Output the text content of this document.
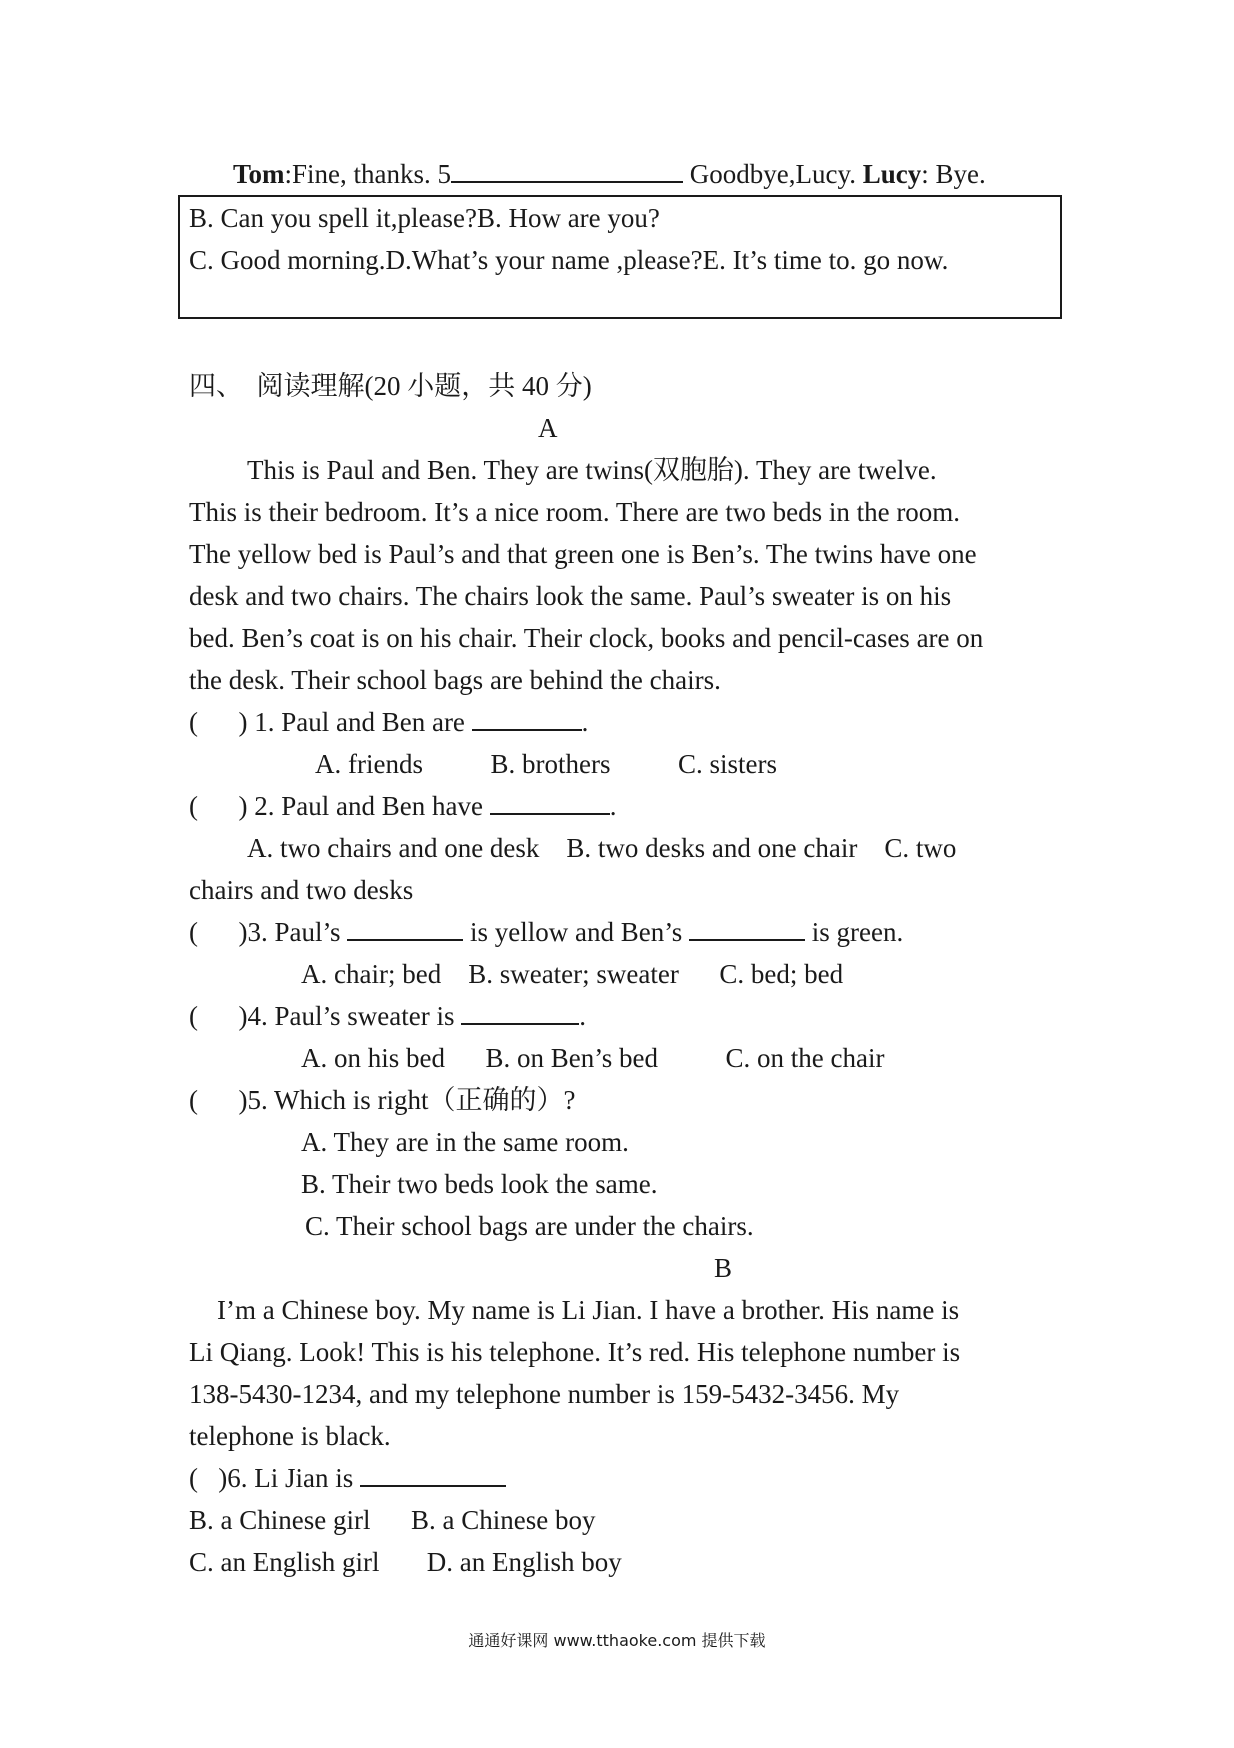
Tom:Fine, thanks. 5	Goodbye,Lucy. Lucy: Bye.
B. Can you spell it,please?B. How are you?
C. Good morning.D.What’s your name ,please?E. It’s time to. go now.
四、  阅读理解(20 小题，共 40 分)
A
This is Paul and Ben. They are twins(双胞胎). They are twelve.
This is their bedroom. It’s a nice room. There are two beds in the room.
The yellow bed is Paul’s and that green one is Ben’s. The twins have one
desk and two chairs. The chairs look the same. Paul’s sweater is on his
bed. Ben’s coat is on his chair. Their clock, books and pencil-cases are on
the desk. Their school bags are behind the chairs.
(      ) 1. Paul and Ben are	.
A. friends          B. brothers          C. sisters
(      ) 2. Paul and Ben have	.
A. two chairs and one desk    B. two desks and one chair    C. two
chairs and two desks
(      )3. Paul’s	is yellow and Ben’s	is green.
A. chair; bed    B. sweater; sweater      C. bed; bed
(      )4. Paul’s sweater is	.
A. on his bed      B. on Ben’s bed          C. on the chair
(      )5. Which is right（正确的）?
A. They are in the same room.
B. Their two beds look the same.
C. Their school bags are under the chairs.
B
I’m a Chinese boy. My name is Li Jian. I have a brother. His name is
Li Qiang. Look! This is his telephone. It’s red. His telephone number is
138-5430-1234, and my telephone number is 159-5432-3456. My
telephone is black.
(   )6. Li Jian is
B. a Chinese girl      B. a Chinese boy
C. an English girl       D. an English boy
通通好课网 www.tthaoke.com 提供下载
